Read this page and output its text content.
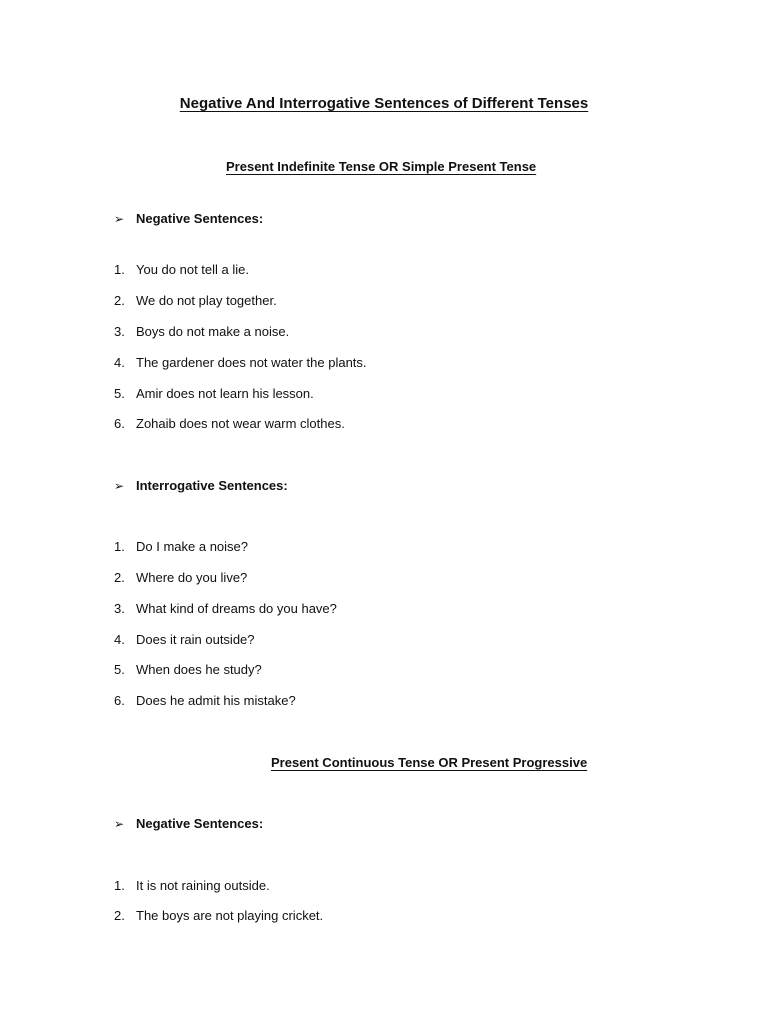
Negative And Interrogative Sentences of Different Tenses
Present Indefinite Tense OR Simple Present Tense
➢ Negative Sentences:
1. You do not tell a lie.
2. We do not play together.
3. Boys do not make a noise.
4. The gardener does not water the plants.
5. Amir does not learn his lesson.
6. Zohaib does not wear warm clothes.
➢ Interrogative Sentences:
1. Do I make a noise?
2. Where do you live?
3. What kind of dreams do you have?
4. Does it rain outside?
5. When does he study?
6. Does he admit his mistake?
Present Continuous Tense OR Present Progressive
➢ Negative Sentences:
1. It is not raining outside.
2. The boys are not playing cricket.
